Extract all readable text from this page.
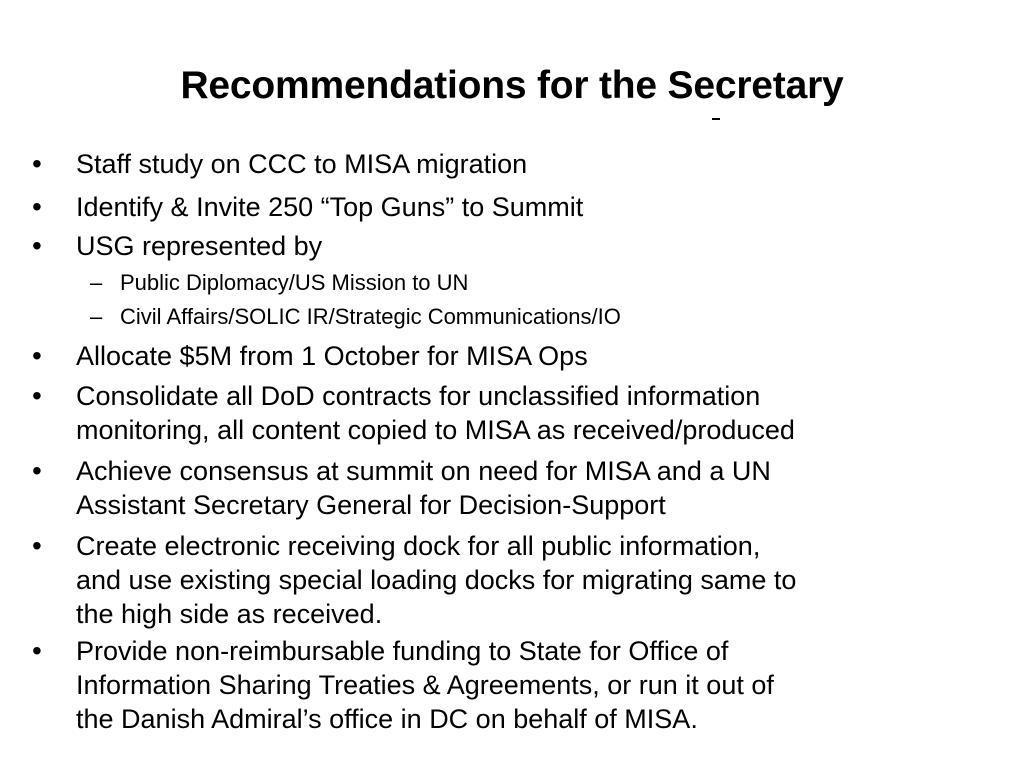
Recommendations for the Secretary
• Staff study on CCC to MISA migration
• Identify & Invite 250 “Top Guns” to Summit
• USG represented by
– Public Diplomacy/US Mission to UN
– Civil Affairs/SOLIC IR/Strategic Communications/IO
• Allocate $5M from 1 October for MISA Ops
• Consolidate all DoD contracts for unclassified information
monitoring, all content copied to MISA as received/produced
• Achieve consensus at summit on need for MISA and a UN
Assistant Secretary General for Decision-Support
• Create electronic receiving dock for all public information,
and use existing special loading docks for migrating same to
the high side as received.
• Provide non-reimbursable funding to State for Office of
Information Sharing Treaties & Agreements, or run it out of
the Danish Admiral’s office in DC on behalf of MISA.
